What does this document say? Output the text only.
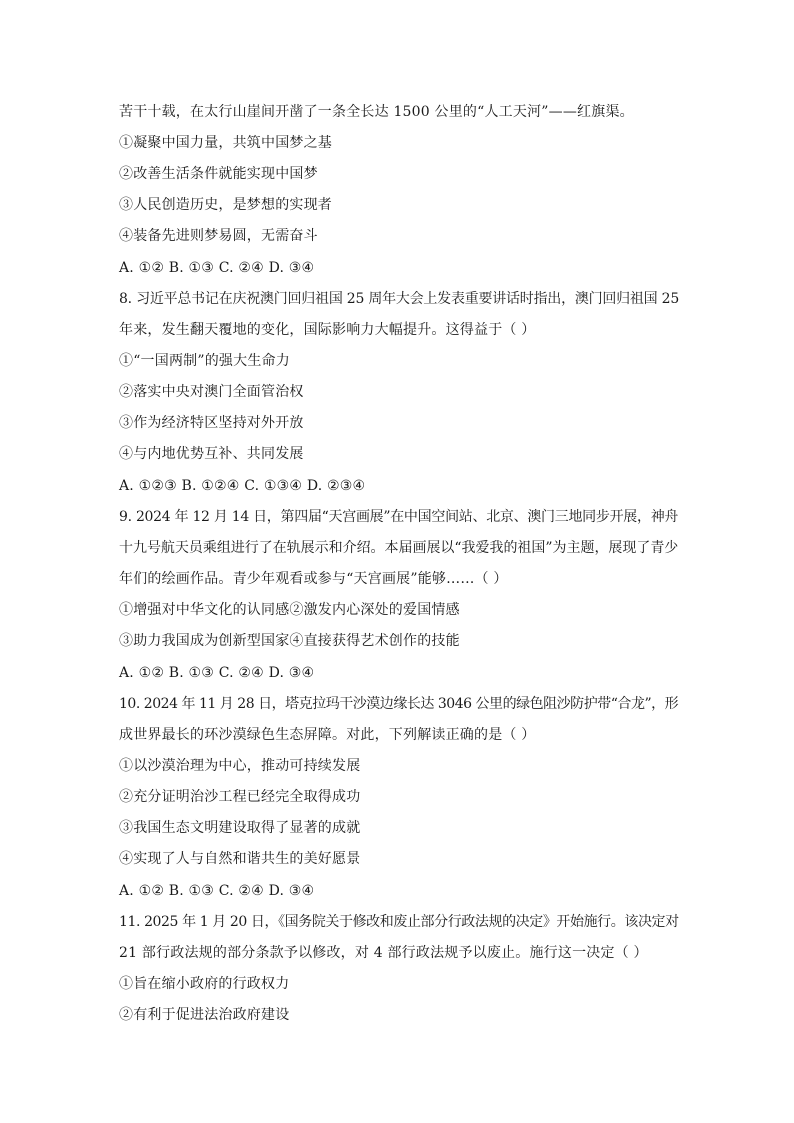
苦干十载，在太行山崖间开凿了一条全长达 1500 公里的“人工天河”——红旗渠。
①凝聚中国力量，共筑中国梦之基
②改善生活条件就能实现中国梦
③人民创造历史，是梦想的实现者
④装备先进则梦易圆，无需奋斗
A. ①② B. ①③ C. ②④ D. ③④
8. 习近平总书记在庆祝澳门回归祖国 25 周年大会上发表重要讲话时指出，澳门回归祖国 25
年来，发生翻天覆地的变化，国际影响力大幅提升。这得益于（ ）
①“一国两制”的强大生命力
②落实中央对澳门全面管治权
③作为经济特区坚持对外开放
④与内地优势互补、共同发展
A. ①②③ B. ①②④ C. ①③④ D. ②③④
9. 2024 年 12 月 14 日，第四届“天宫画展”在中国空间站、北京、澳门三地同步开展，神舟
十九号航天员乘组进行了在轨展示和介绍。本届画展以“我爱我的祖国”为主题，展现了青少
年们的绘画作品。青少年观看或参与“天宫画展”能够……（ ）
①增强对中华文化的认同感②激发内心深处的爱国情感
③助力我国成为创新型国家④直接获得艺术创作的技能
A. ①② B. ①③ C. ②④ D. ③④
10. 2024 年 11 月 28 日，塔克拉玛干沙漠边缘长达 3046 公里的绿色阻沙防护带“合龙”，形
成世界最长的环沙漠绿色生态屏障。对此，下列解读正确的是（ ）
①以沙漠治理为中心，推动可持续发展
②充分证明治沙工程已经完全取得成功
③我国生态文明建设取得了显著的成就
④实现了人与自然和谐共生的美好愿景
A. ①② B. ①③ C. ②④ D. ③④
11. 2025 年 1 月 20 日，《国务院关于修改和废止部分行政法规的决定》开始施行。该决定对
21 部行政法规的部分条款予以修改，对 4 部行政法规予以废止。施行这一决定（ ）
①旨在缩小政府的行政权力
②有利于促进法治政府建设
